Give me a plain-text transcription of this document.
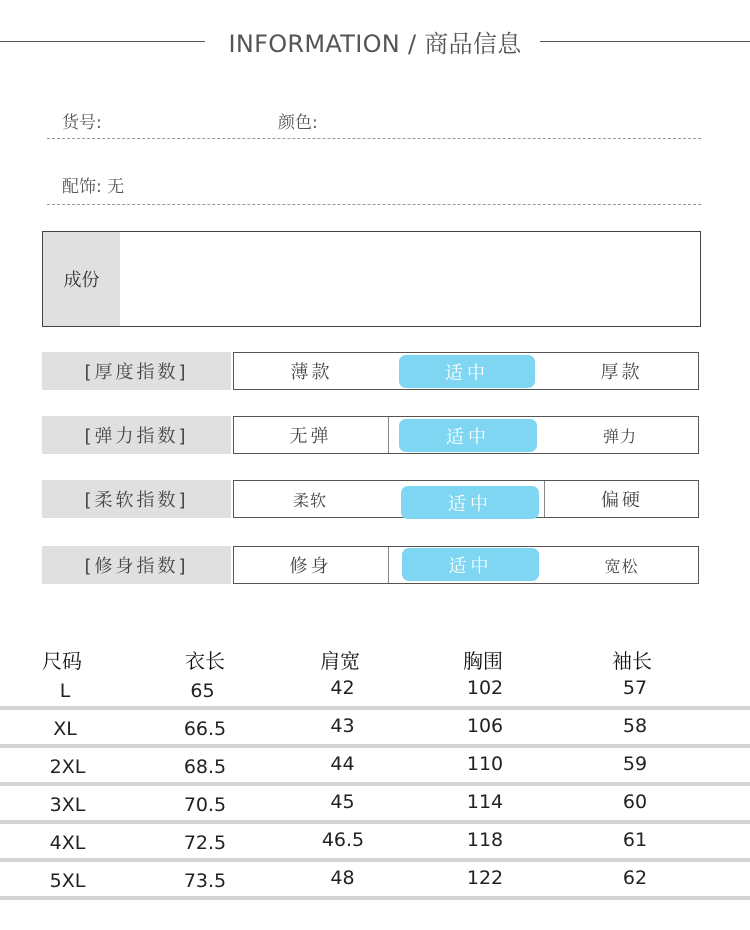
INFORMATION / 商品信息
货号:	颜色:
配饰: 无
成份
[厚度指数]	薄款	适中	厚款
[弹力指数]	无弹	适中	弹力
[柔软指数]	柔软	适中	偏硬
[修身指数]	修身	适中	宽松
尺码	衣长	肩宽	胸围	袖长
L	65	42	102	57
XL	66.5	43	106	58
2XL	68.5	44	110	59
3XL	70.5	45	114	60
4XL	72.5	46.5	118	61
5XL	73.5	48	122	62
